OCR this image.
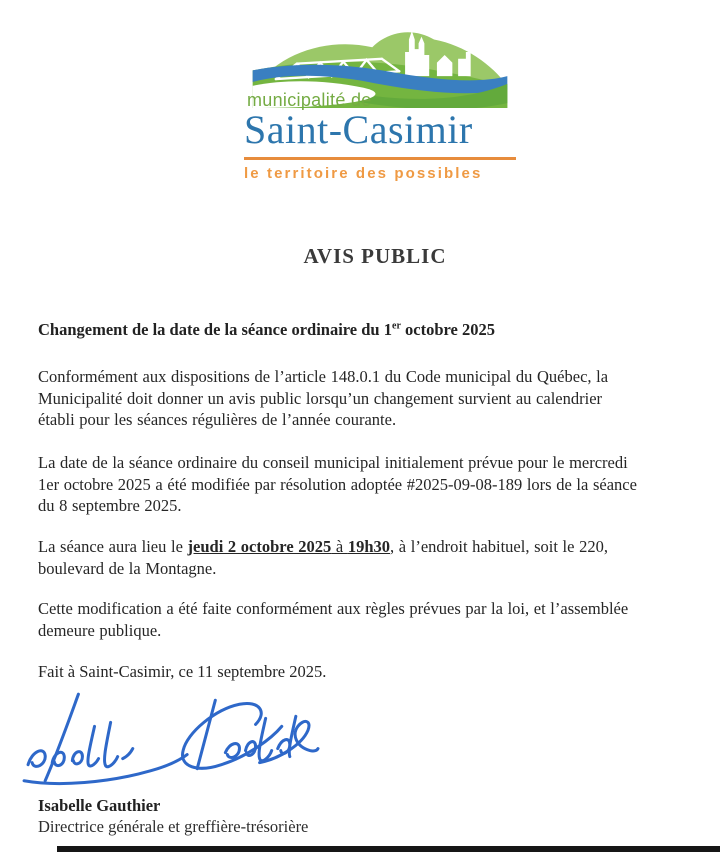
municipalité de
Saint-Casimir
le territoire des possibles
AVIS PUBLIC
Changement de la date de la séance ordinaire du 1er octobre 2025
Conformément aux dispositions de l’article 148.0.1 du Code municipal du Québec, la
Municipalité doit donner un avis public lorsqu’un changement survient au calendrier
établi pour les séances régulières de l’année courante.
La date de la séance ordinaire du conseil municipal initialement prévue pour le mercredi
1er octobre 2025 a été modifiée par résolution adoptée #2025-09-08-189 lors de la séance
du 8 septembre 2025.
La séance aura lieu le jeudi 2 octobre 2025 à 19h30, à l’endroit habituel, soit le 220,
boulevard de la Montagne.
Cette modification a été faite conformément aux règles prévues par la loi, et l’assemblée
demeure publique.
Fait à Saint-Casimir, ce 11 septembre 2025.
Isabelle Gauthier
Directrice générale et greffière-trésorière
